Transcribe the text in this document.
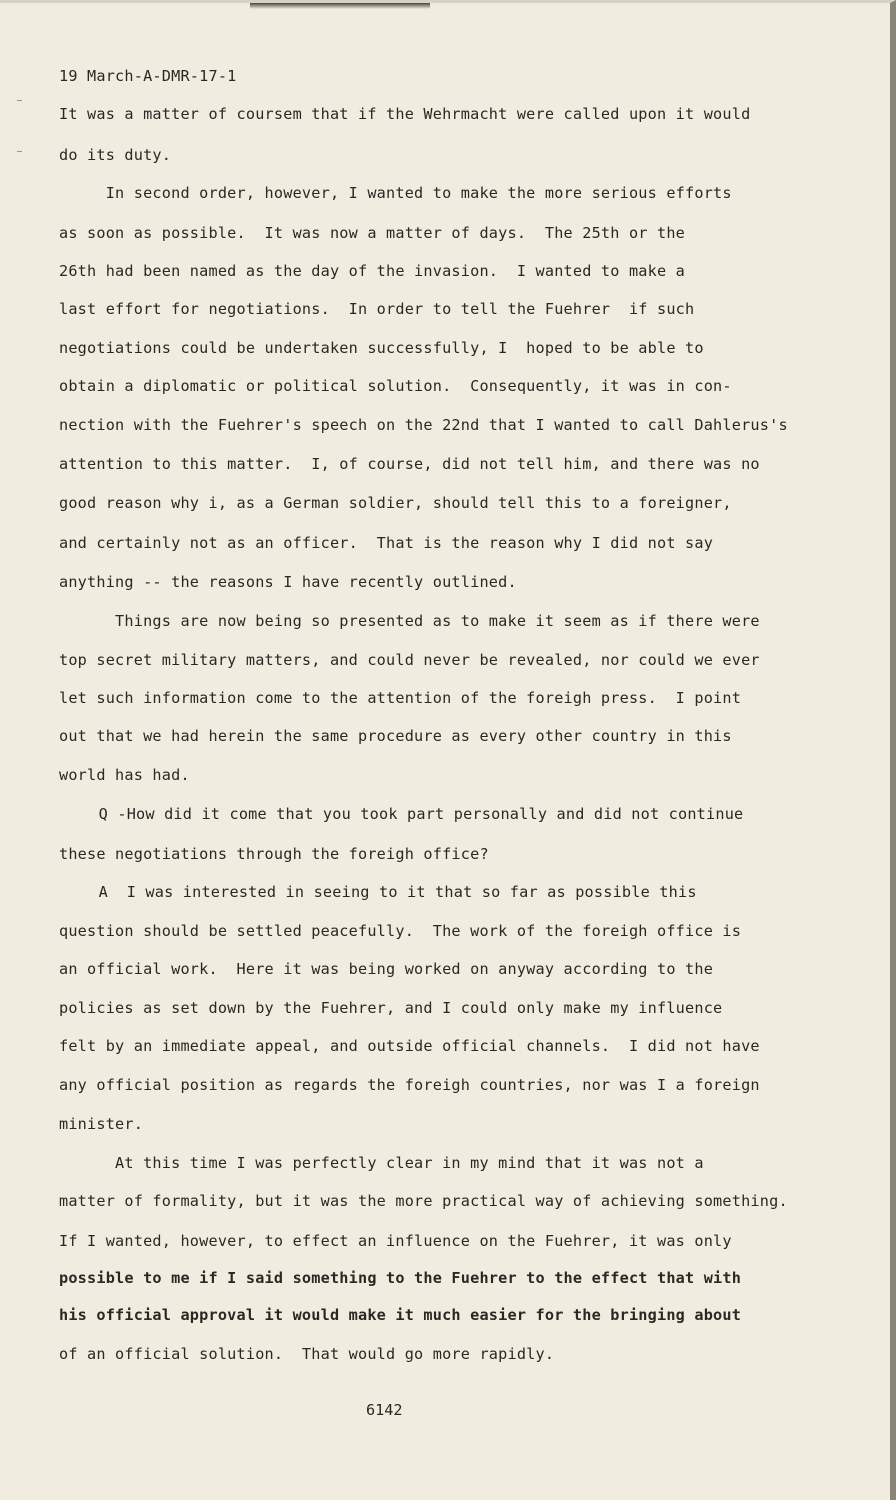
19 March-A-DMR-17-1
It was a matter of coursem that if the Wehrmacht were called upon it would
do its duty.
In second order, however, I wanted to make the more serious efforts
as soon as possible.  It was now a matter of days.  The 25th or the
26th had been named as the day of the invasion.  I wanted to make a
last effort for negotiations.  In order to tell the Fuehrer  if such
negotiations could be undertaken successfully, I  hoped to be able to
obtain a diplomatic or political solution.  Consequently, it was in con-
nection with the Fuehrer's speech on the 22nd that I wanted to call Dahlerus's
attention to this matter.  I, of course, did not tell him, and there was no
good reason why i, as a German soldier, should tell this to a foreigner,
and certainly not as an officer.  That is the reason why I did not say
anything -- the reasons I have recently outlined.
Things are now being so presented as to make it seem as if there were
top secret military matters, and could never be revealed, nor could we ever
let such information come to the attention of the foreigh press.  I point
out that we had herein the same procedure as every other country in this
world has had.
Q -How did it come that you took part personally and did not continue
these negotiations through the foreigh office?
A  I was interested in seeing to it that so far as possible this
question should be settled peacefully.  The work of the foreigh office is
an official work.  Here it was being worked on anyway according to the
policies as set down by the Fuehrer, and I could only make my influence
felt by an immediate appeal, and outside official channels.  I did not have
any official position as regards the foreigh countries, nor was I a foreign
minister.
At this time I was perfectly clear in my mind that it was not a
matter of formality, but it was the more practical way of achieving something.
If I wanted, however, to effect an influence on the Fuehrer, it was only
possible to me if I said something to the Fuehrer to the effect that with
his official approval it would make it much easier for the bringing about
of an official solution.  That would go more rapidly.
6142
